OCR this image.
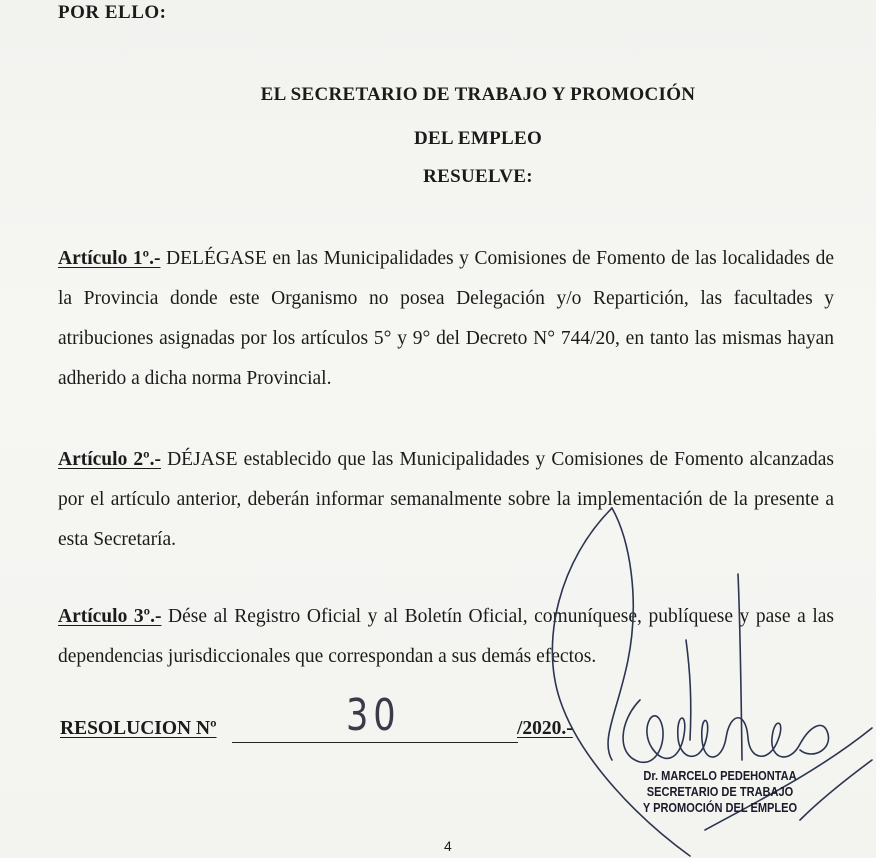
POR ELLO:
EL SECRETARIO DE TRABAJO Y PROMOCIÓN
DEL EMPLEO
RESUELVE:
Artículo 1º.- DELÉGASE en las Municipalidades y Comisiones de Fomento de las localidades de la Provincia donde este Organismo no posea Delegación y/o Repartición, las facultades y atribuciones asignadas por los artículos 5° y 9° del Decreto N° 744/20, en tanto las mismas hayan adherido a dicha norma Provincial.
Artículo 2º.- DÉJASE establecido que las Municipalidades y Comisiones de Fomento alcanzadas por el artículo anterior, deberán informar semanalmente sobre la implementación de la presente a esta Secretaría.
Artículo 3º.- Dése al Registro Oficial y al Boletín Oficial, comuníquese, publíquese y pase a las dependencias jurisdiccionales que correspondan a sus demás efectos.
RESOLUCION Nº	30	/2020.-
Dr. MARCELO PEDEHONTAA
SECRETARIO DE TRABAJO
Y PROMOCIÓN DEL EMPLEO
4
